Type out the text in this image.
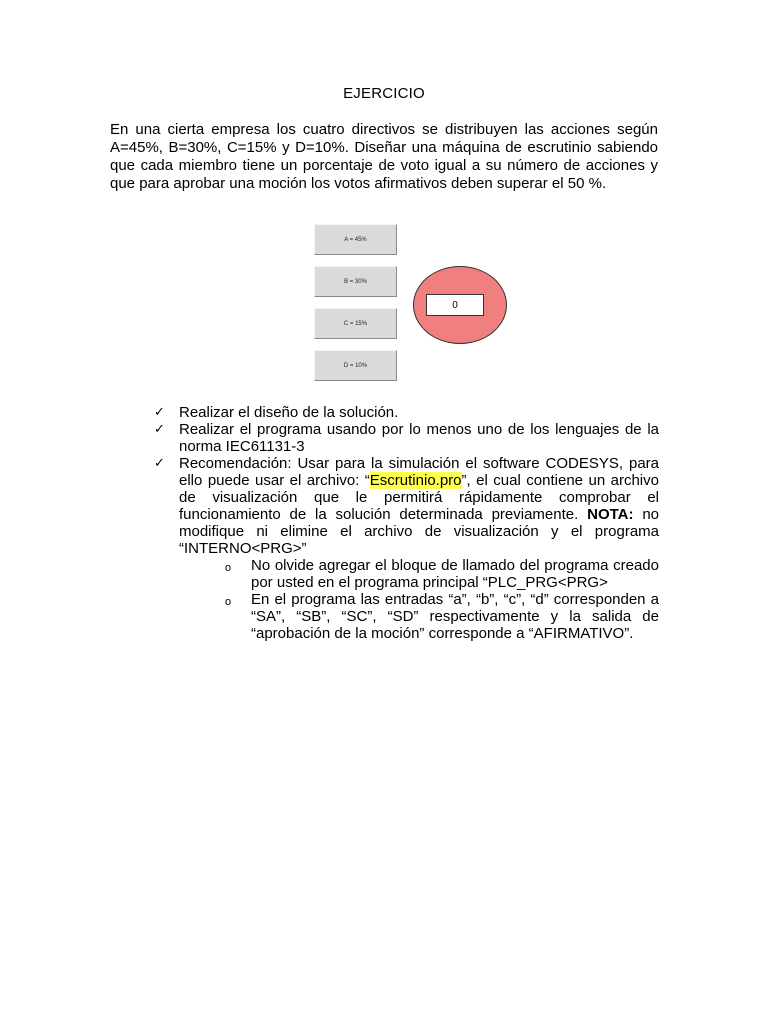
EJERCICIO

En una cierta empresa los cuatro directivos se distribuyen las acciones según A=45%, B=30%, C=15% y D=10%. Diseñar una máquina de escrutinio sabiendo que cada miembro tiene un porcentaje de voto igual a su número de acciones y que para aprobar una moción los votos afirmativos deben superar el 50 %.

A = 45%
B = 30%
C = 15%
D = 10%
0
✓ Realizar el diseño de la solución.
✓ Realizar el programa usando por lo menos uno de los lenguajes de la norma IEC61131-3
✓ Recomendación: Usar para la simulación el software CODESYS, para ello puede usar el archivo: “Escrutinio.pro”, el cual contiene un archivo de visualización que le permitirá rápidamente comprobar el funcionamiento de la solución determinada previamente. NOTA: no modifique ni elimine el archivo de visualización y el programa “INTERNO<PRG>”
o No olvide agregar el bloque de llamado del programa creado por usted en el programa principal “PLC_PRG<PRG>
o En el programa las entradas “a”, “b”, “c”, “d” corresponden a “SA”, “SB”, “SC”, “SD” respectivamente y la salida de “aprobación de la moción” corresponde a “AFIRMATIVO”.
